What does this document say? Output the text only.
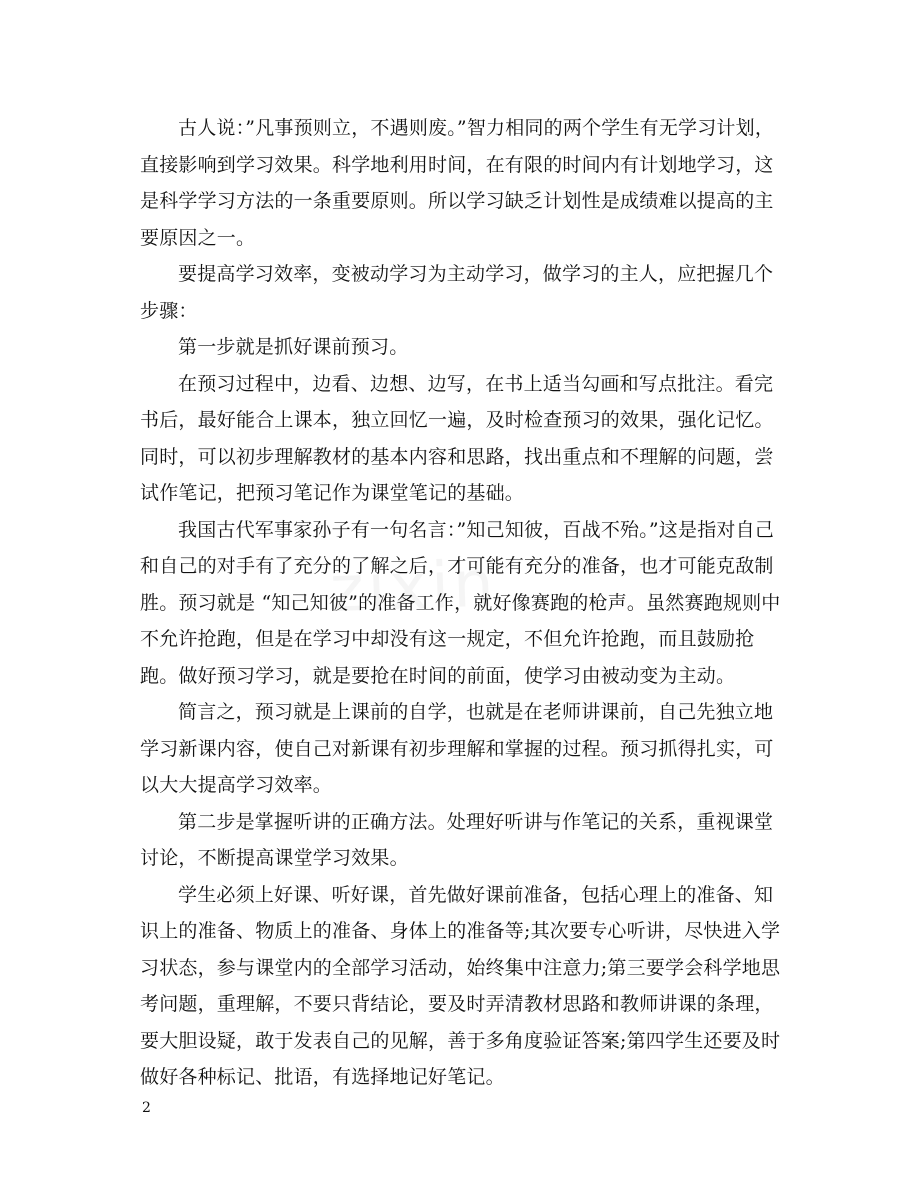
zixin

古人说：”凡事预则立，不遇则废。”智力相同的两个学生有无学习计划，直接影响到学习效果。科学地利用时间，在有限的时间内有计划地学习，这是科学学习方法的一条重要原则。所以学习缺乏计划性是成绩难以提高的主要原因之一。

要提高学习效率，变被动学习为主动学习，做学习的主人，应把握几个步骤：

第一步就是抓好课前预习。

在预习过程中，边看、边想、边写，在书上适当勾画和写点批注。看完书后，最好能合上课本，独立回忆一遍，及时检查预习的效果，强化记忆。同时，可以初步理解教材的基本内容和思路，找出重点和不理解的问题，尝试作笔记，把预习笔记作为课堂笔记的基础。

我国古代军事家孙子有一句名言：”知己知彼，百战不殆。”这是指对自己和自己的对手有了充分的了解之后，才可能有充分的准备，也才可能克敌制胜。预习就是 “知己知彼”的准备工作，就好像赛跑的枪声。虽然赛跑规则中不允许抢跑，但是在学习中却没有这一规定，不但允许抢跑，而且鼓励抢跑。做好预习学习，就是要抢在时间的前面，使学习由被动变为主动。

简言之，预习就是上课前的自学，也就是在老师讲课前，自己先独立地学习新课内容，使自己对新课有初步理解和掌握的过程。预习抓得扎实，可以大大提高学习效率。

第二步是掌握听讲的正确方法。处理好听讲与作笔记的关系，重视课堂讨论，不断提高课堂学习效果。

学生必须上好课、听好课，首先做好课前准备，包括心理上的准备、知识上的准备、物质上的准备、身体上的准备等;其次要专心听讲，尽快进入学习状态，参与课堂内的全部学习活动，始终集中注意力;第三要学会科学地思考问题，重理解，不要只背结论，要及时弄清教材思路和教师讲课的条理，要大胆设疑，敢于发表自己的见解，善于多角度验证答案;第四学生还要及时做好各种标记、批语，有选择地记好笔记。

2
